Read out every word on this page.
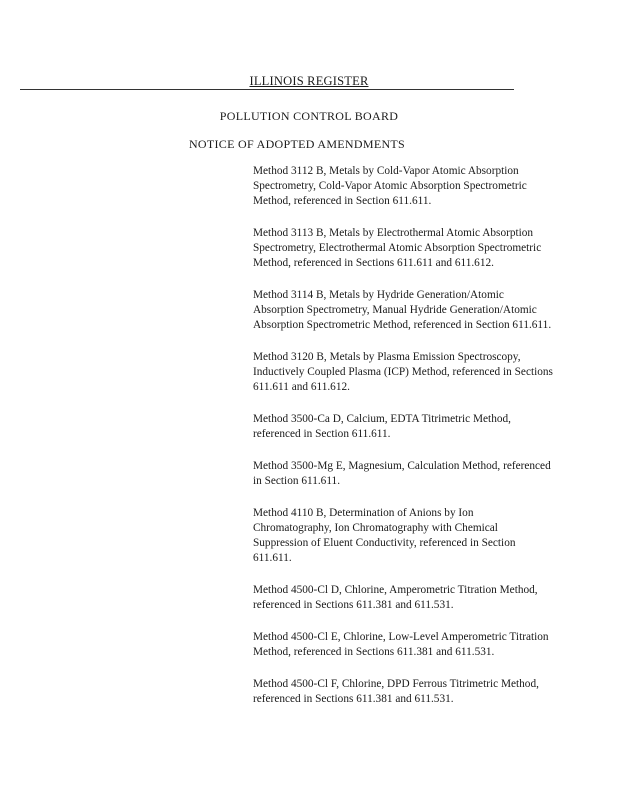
ILLINOIS REGISTER
POLLUTION CONTROL BOARD
NOTICE OF ADOPTED AMENDMENTS

Method 3112 B, Metals by Cold-Vapor Atomic Absorption Spectrometry, Cold-Vapor Atomic Absorption Spectrometric Method, referenced in Section 611.611.

Method 3113 B, Metals by Electrothermal Atomic Absorption Spectrometry, Electrothermal Atomic Absorption Spectrometric Method, referenced in Sections 611.611 and 611.612.

Method 3114 B, Metals by Hydride Generation/Atomic Absorption Spectrometry, Manual Hydride Generation/Atomic Absorption Spectrometric Method, referenced in Section 611.611.

Method 3120 B, Metals by Plasma Emission Spectroscopy, Inductively Coupled Plasma (ICP) Method, referenced in Sections 611.611 and 611.612.

Method 3500-Ca D, Calcium, EDTA Titrimetric Method, referenced in Section 611.611.

Method 3500-Mg E, Magnesium, Calculation Method, referenced in Section 611.611.

Method 4110 B, Determination of Anions by Ion Chromatography, Ion Chromatography with Chemical Suppression of Eluent Conductivity, referenced in Section 611.611.

Method 4500-Cl D, Chlorine, Amperometric Titration Method, referenced in Sections 611.381 and 611.531.

Method 4500-Cl E, Chlorine, Low-Level Amperometric Titration Method, referenced in Sections 611.381 and 611.531.

Method 4500-Cl F, Chlorine, DPD Ferrous Titrimetric Method, referenced in Sections 611.381 and 611.531.
